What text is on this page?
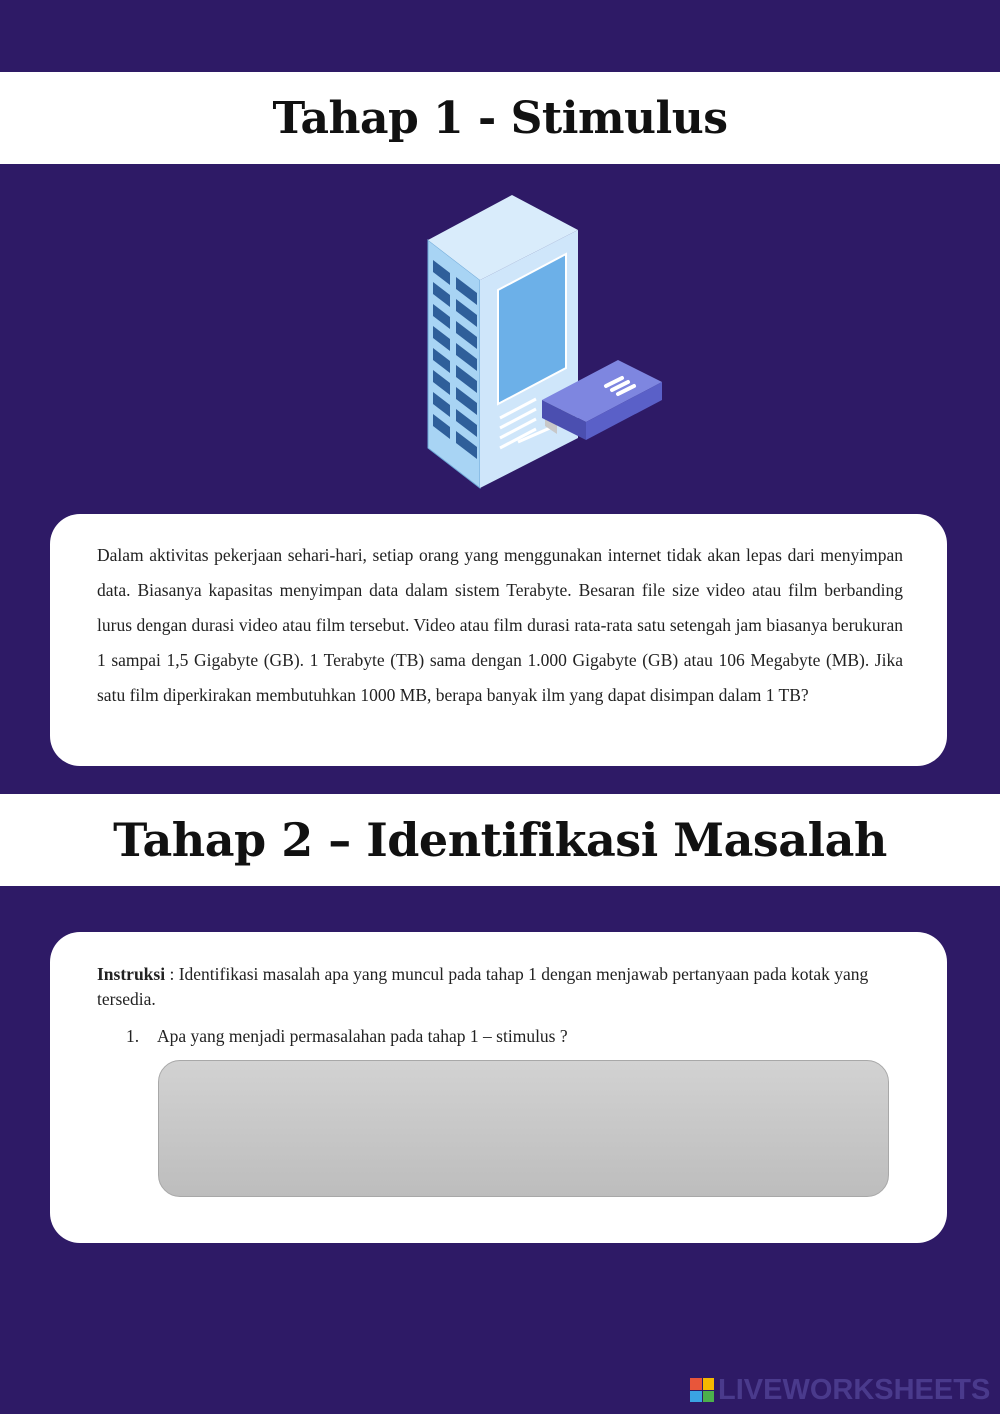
Tahap 1 - Stimulus

Dalam aktivitas pekerjaan sehari-hari, setiap orang yang menggunakan internet tidak akan lepas dari menyimpan data. Biasanya kapasitas menyimpan data dalam sistem Terabyte. Besaran file size video atau film berbanding lurus dengan durasi video atau film tersebut. Video atau film durasi rata-rata satu setengah jam biasanya berukuran 1 sampai 1,5 Gigabyte (GB). 1 Terabyte (TB) sama dengan 1.000 Gigabyte (GB) atau 106 Megabyte (MB). Jika satu film diperkirakan membutuhkan 1000 MB, berapa banyak ilm yang dapat disimpan dalam 1 TB?

Tahap 2 – Identifikasi Masalah

Instruksi : Identifikasi masalah apa yang muncul pada tahap 1 dengan menjawab pertanyaan pada kotak yang tersedia.

1.	Apa yang menjadi permasalahan pada tahap 1 – stimulus ?
LIVEWORKSHEETS
